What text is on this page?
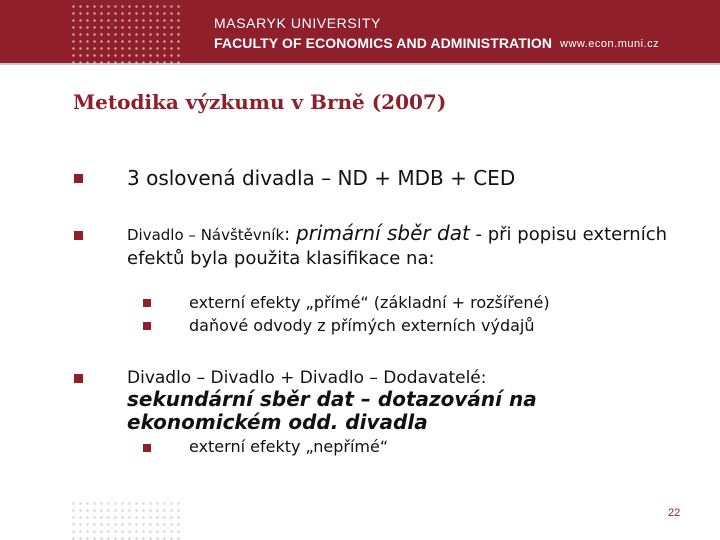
MASARYK UNIVERSITY
FACULTY OF ECONOMICS AND ADMINISTRATION www.econ.muni.cz
Metodika výzkumu v Brně (2007)
3 oslovená divadla – ND + MDB + CED
Divadlo – Návštěvník: primární sběr dat - při popisu externích efektů byla použita klasifikace na:
externí efekty „přímé“ (základní + rozšířené)
daňové odvody z přímých externích výdajů
Divadlo – Divadlo + Divadlo – Dodavatelé:
sekundární sběr dat – dotazování na ekonomickém odd. divadla
externí efekty „nepřímé“
22
